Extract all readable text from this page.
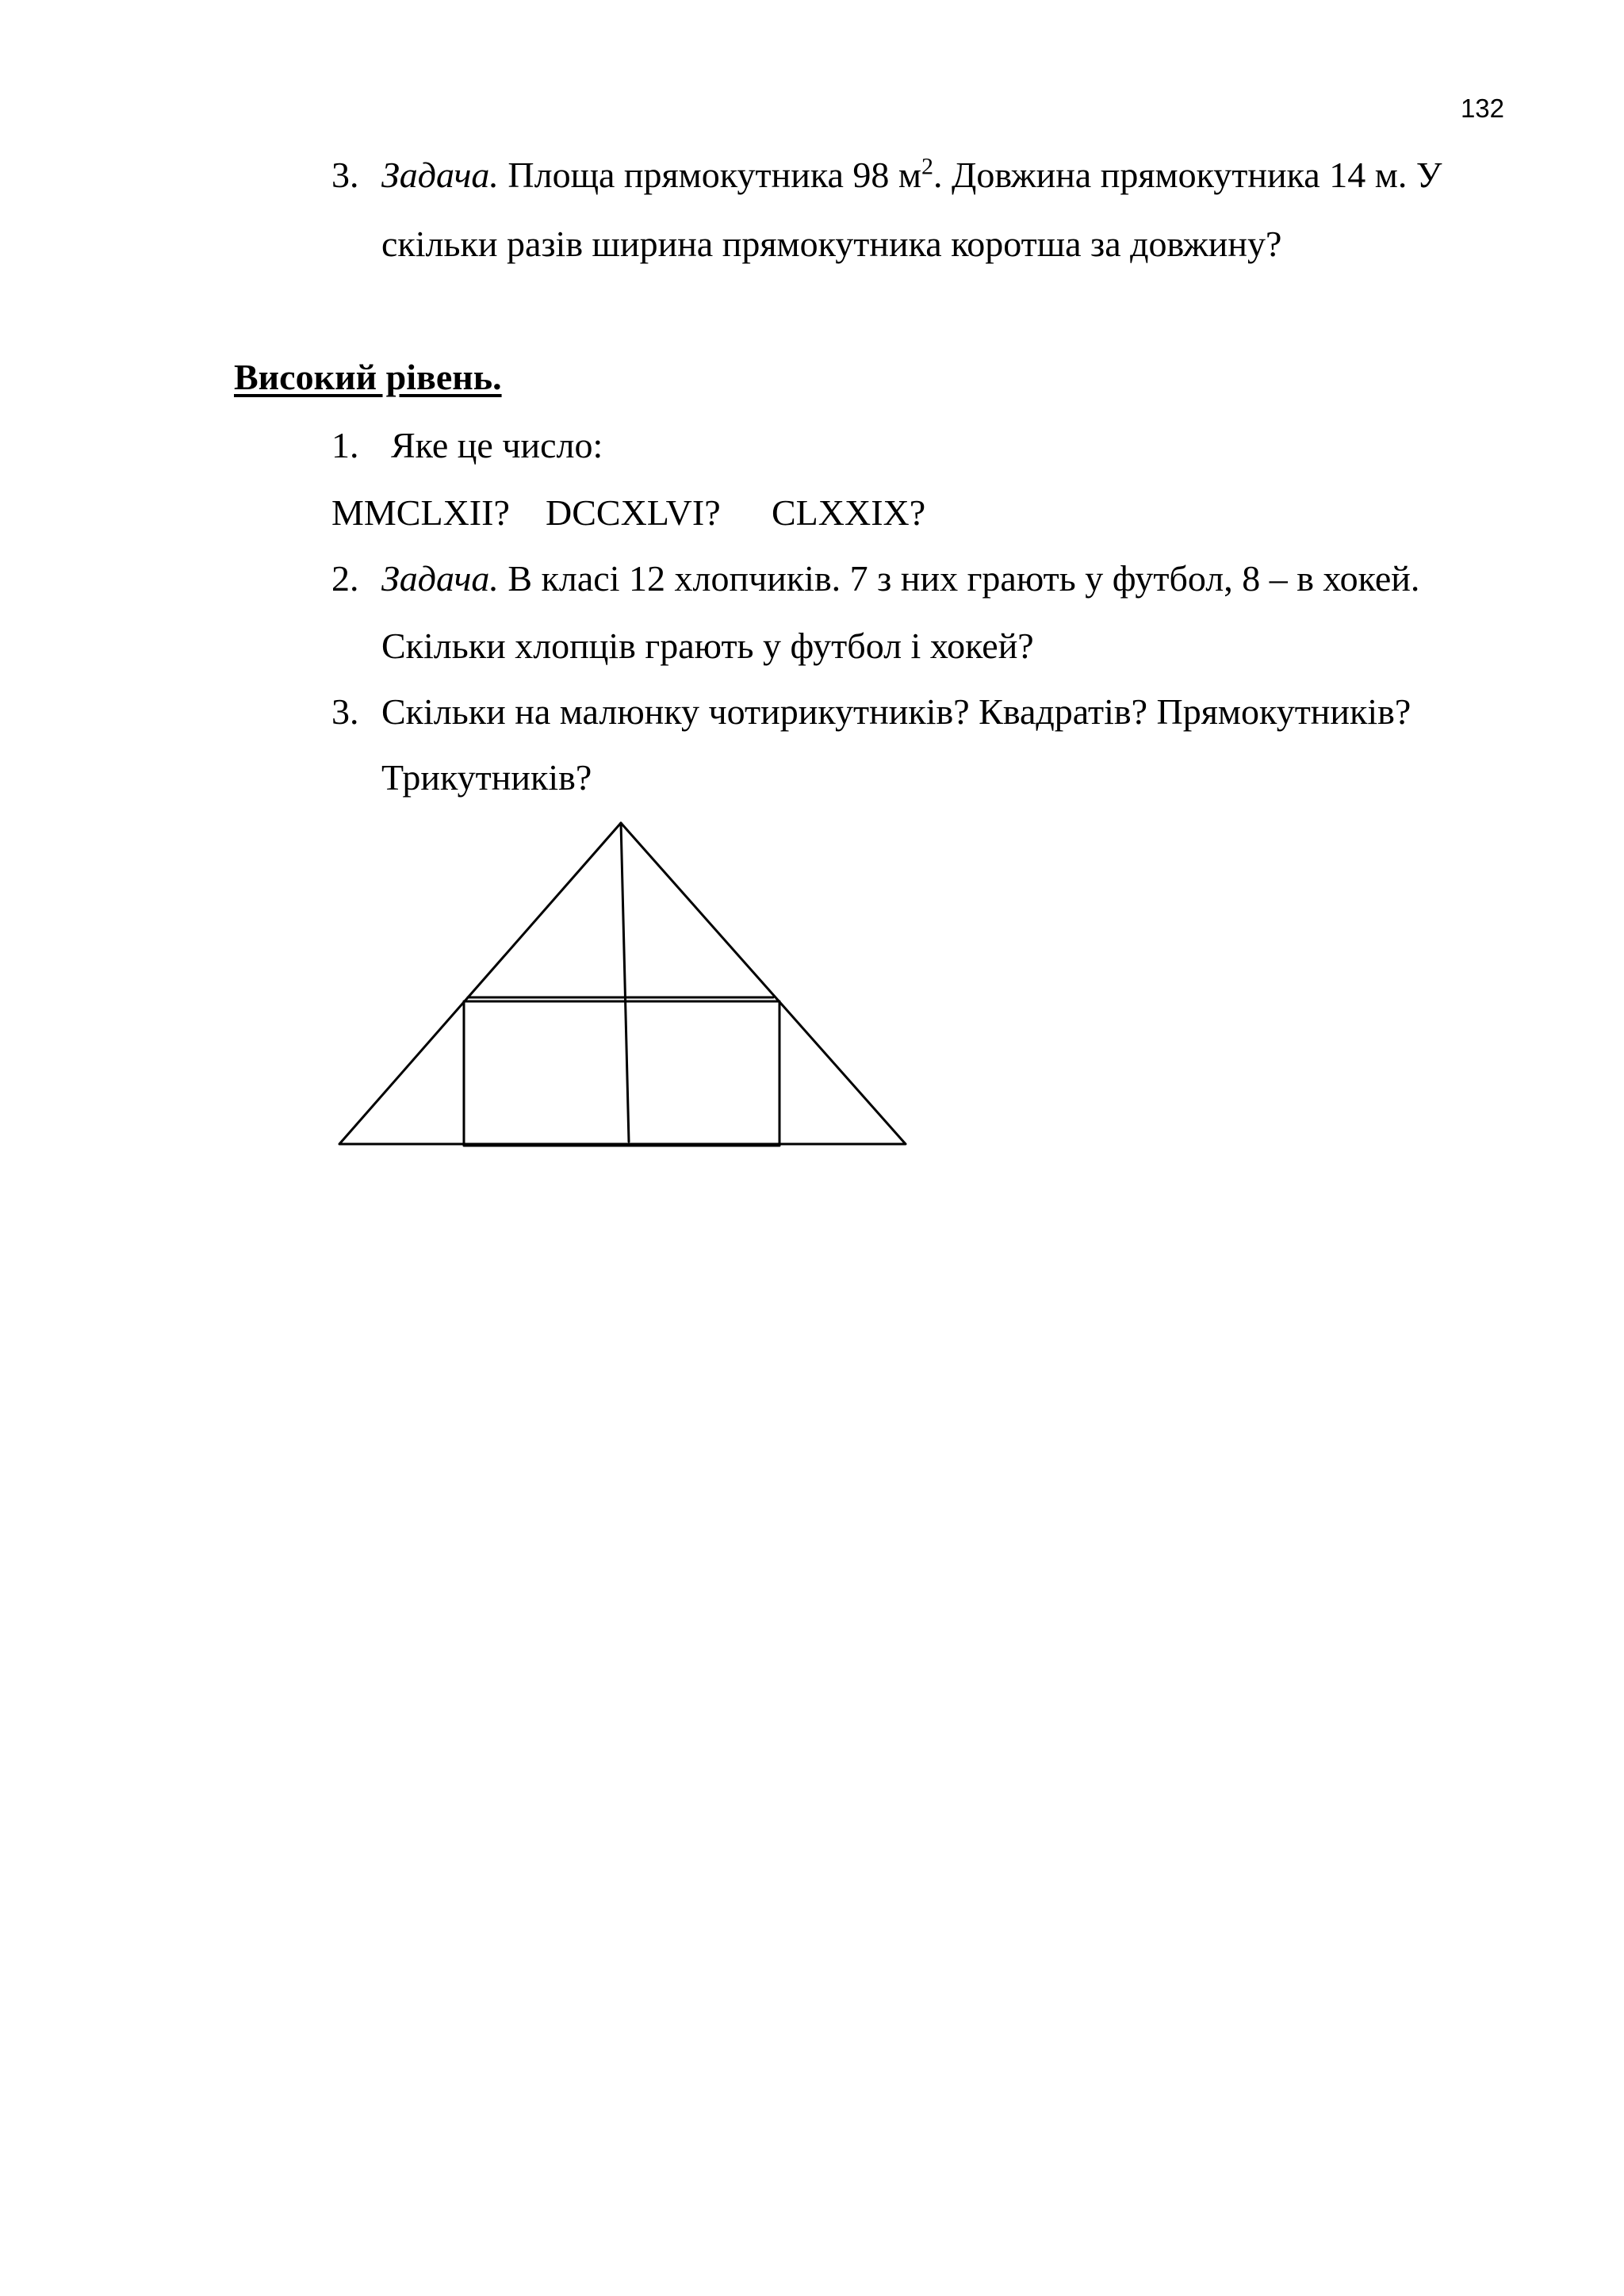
132
3. Задача. Площа прямокутника 98 $м^2$. Довжина прямокутника 14 м. У
скільки разів ширина прямокутника коротша за довжину?
Високий рівень.
1. Яке це число:
MMCLXII? DCCXLVI? CLXXIX?
2. Задача. В класі 12 хлопчиків. 7 з них грають у футбол, 8 – в хокей.
Скільки хлопців грають у футбол і хокей?
3. Скільки на малюнку чотирикутників? Квадратів? Прямокутників?
Трикутників?
